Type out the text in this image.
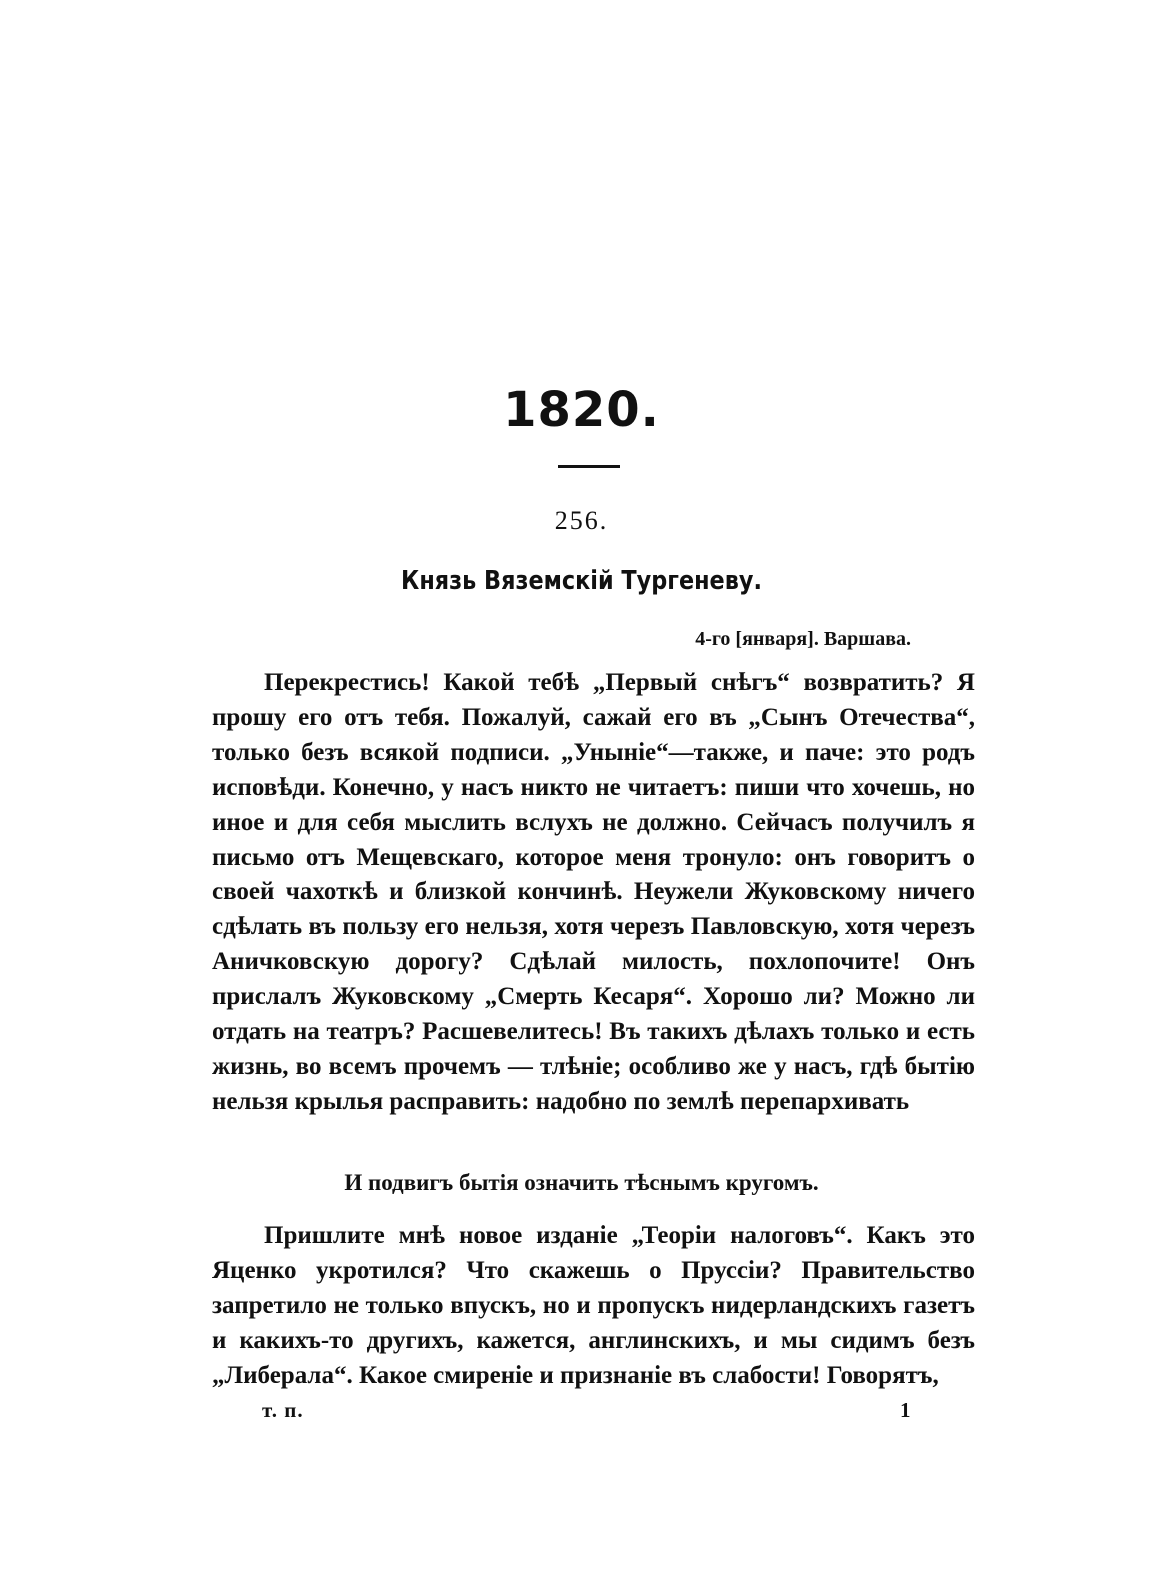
1820.
256.
Князь Вяземскій Тургеневу.
4-го [января]. Варшава.

Перекрестись! Какой тебѣ „Первый снѣгъ“ возвратить? Я прошу его отъ тебя. Пожалуй, сажай его въ „Сынъ Отечества“, только безъ всякой подписи. „Уныніе“—также, и паче: это родъ исповѣди. Конечно, у насъ никто не читаетъ: пиши что хочешь, но иное и для себя мыслить вслухъ не должно. Сейчасъ получилъ я письмо отъ Мещевскаго, которое меня тронуло: онъ говоритъ о своей чахоткѣ и близкой кончинѣ. Неужели Жуковскому ничего сдѣлать въ пользу его нельзя, хотя черезъ Павловскую, хотя черезъ Аничковскую дорогу? Сдѣлай милость, похлопочите! Онъ прислалъ Жуковскому „Смерть Кесаря“. Хорошо ли? Можно ли отдать на театръ? Расшевелитесь! Въ такихъ дѣлахъ только и есть жизнь, во всемъ прочемъ — тлѣніе; особливо же у насъ, гдѣ бытію нельзя крылья расправить: надобно по землѣ перепархивать

И подвигъ бытія означить тѣснымъ кругомъ.

Пришлите мнѣ новое изданіе „Теоріи налоговъ“. Какъ это Яценко укротился? Что скажешь о Пруссіи? Правительство запретило не только впускъ, но и пропускъ нидерландскихъ газетъ и какихъ-то другихъ, кажется, англинскихъ, и мы сидимъ безъ „Либерала“. Какое смиреніе и признаніе въ слабости! Говорятъ,

т. п.	1
